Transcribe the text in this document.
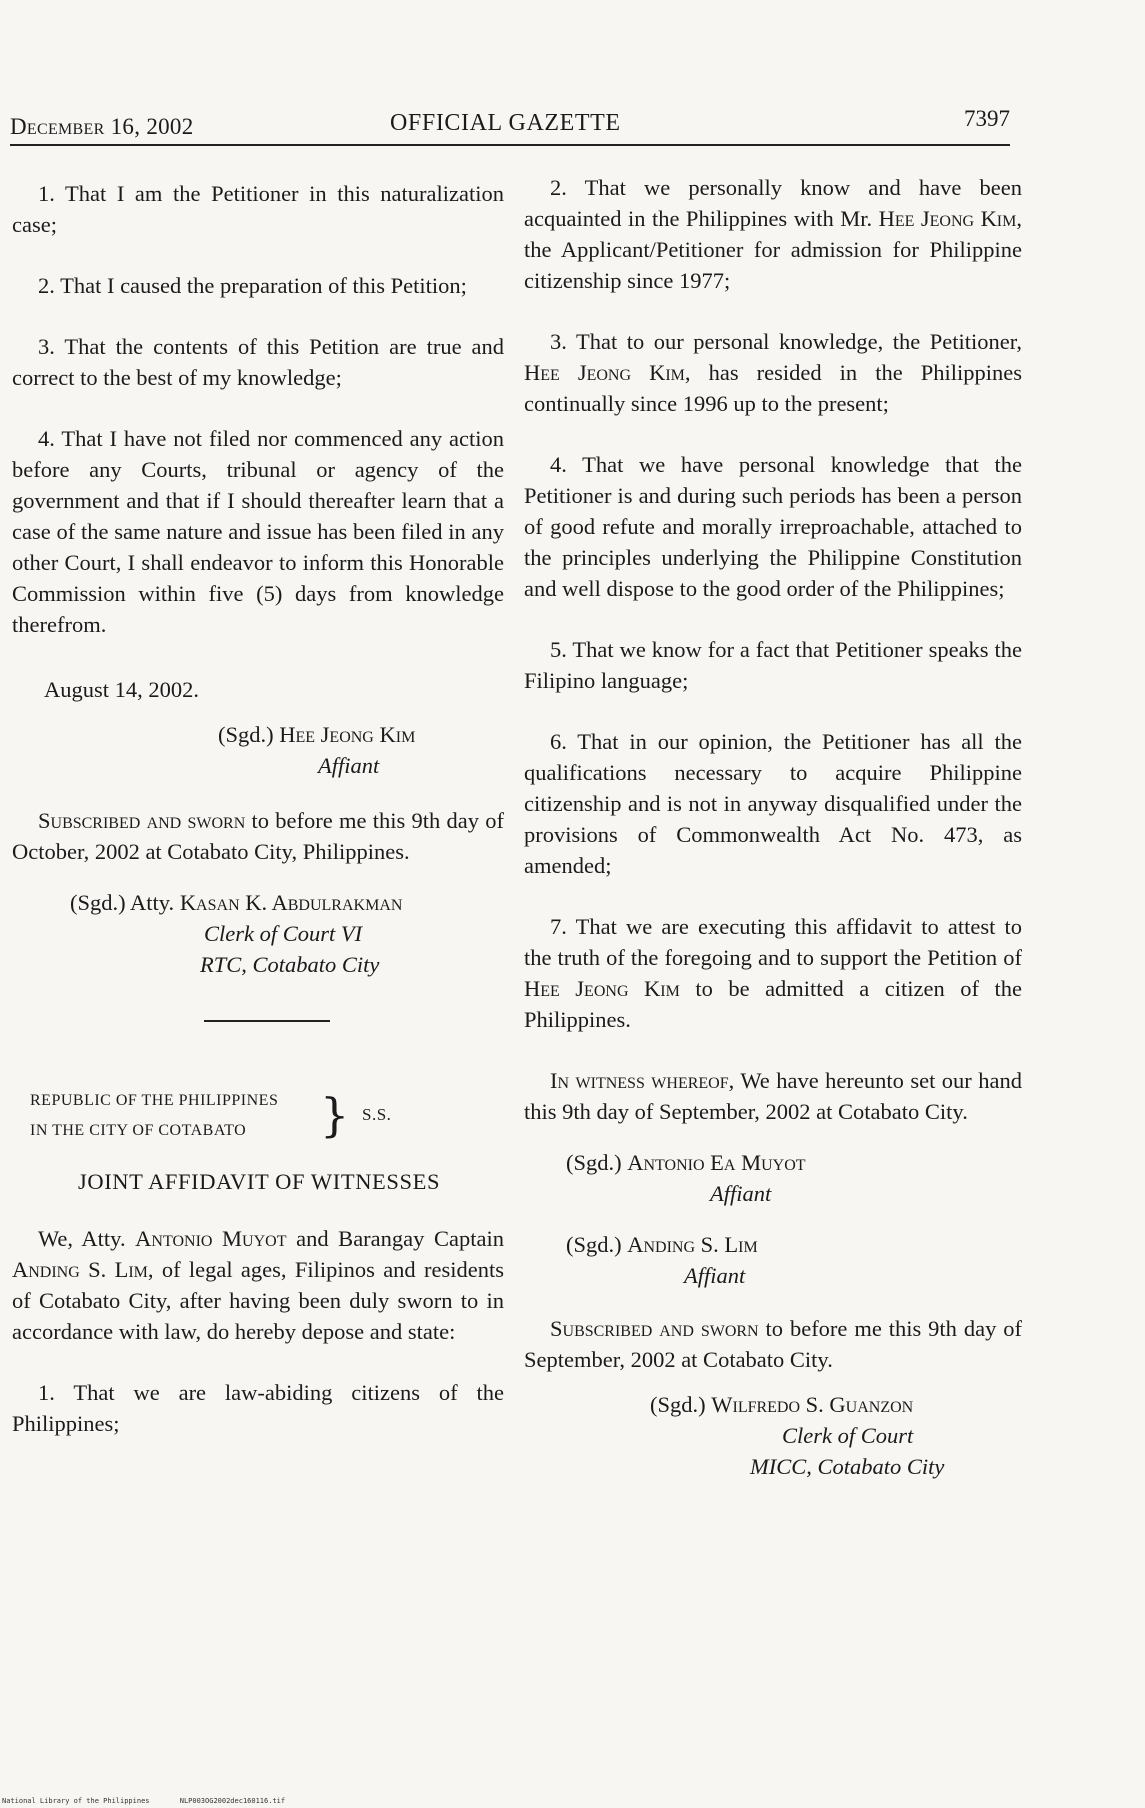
December 16, 2002	OFFICIAL GAZETTE	7397

1. That I am the Petitioner in this naturalization case;

2. That I caused the preparation of this Petition;

3. That the contents of this Petition are true and correct to the best of my knowledge;

4. That I have not filed nor commenced any action before any Courts, tribunal or agency of the government and that if I should thereafter learn that a case of the same nature and issue has been filed in any other Court, I shall endeavor to inform this Honorable Commission within five (5) days from knowledge therefrom.

August 14, 2002.

(Sgd.) Hee Jeong Kim

Affiant

Subscribed and sworn to before me this 9th day of October, 2002 at Cotabato City, Philippines.

(Sgd.) Atty. Kasan K. Abdulrakman

Clerk of Court VI

RTC, Cotabato City

REPUBLIC OF THE PHILIPPINES
IN THE CITY OF COTABATO } S.S.

JOINT AFFIDAVIT OF WITNESSES

We, Atty. Antonio Muyot and Barangay Captain Anding S. Lim, of legal ages, Filipinos and residents of Cotabato City, after having been duly sworn to in accordance with law, do hereby depose and state:

1. That we are law-abiding citizens of the Philippines;

2. That we personally know and have been acquainted in the Philippines with Mr. Hee Jeong Kim, the Applicant/Petitioner for admission for Philippine citizenship since 1977;

3. That to our personal knowledge, the Petitioner, Hee Jeong Kim, has resided in the Philippines continually since 1996 up to the present;

4. That we have personal knowledge that the Petitioner is and during such periods has been a person of good refute and morally irreproachable, attached to the principles underlying the Philippine Constitution and well dispose to the good order of the Philippines;

5. That we know for a fact that Petitioner speaks the Filipino language;

6. That in our opinion, the Petitioner has all the qualifications necessary to acquire Philippine citizenship and is not in anyway disqualified under the provisions of Commonwealth Act No. 473, as amended;

7. That we are executing this affidavit to attest to the truth of the foregoing and to support the Petition of Hee Jeong Kim to be admitted a citizen of the Philippines.

In witness whereof, We have hereunto set our hand this 9th day of September, 2002 at Cotabato City.

(Sgd.) Antonio Ea Muyot

Affiant

(Sgd.) Anding S. Lim

Affiant

Subscribed and sworn to before me this 9th day of September, 2002 at Cotabato City.

(Sgd.) Wilfredo S. Guanzon

Clerk of Court

MICC, Cotabato City

National Library of the Philippines	NLP003OG2002dec160116.tif
